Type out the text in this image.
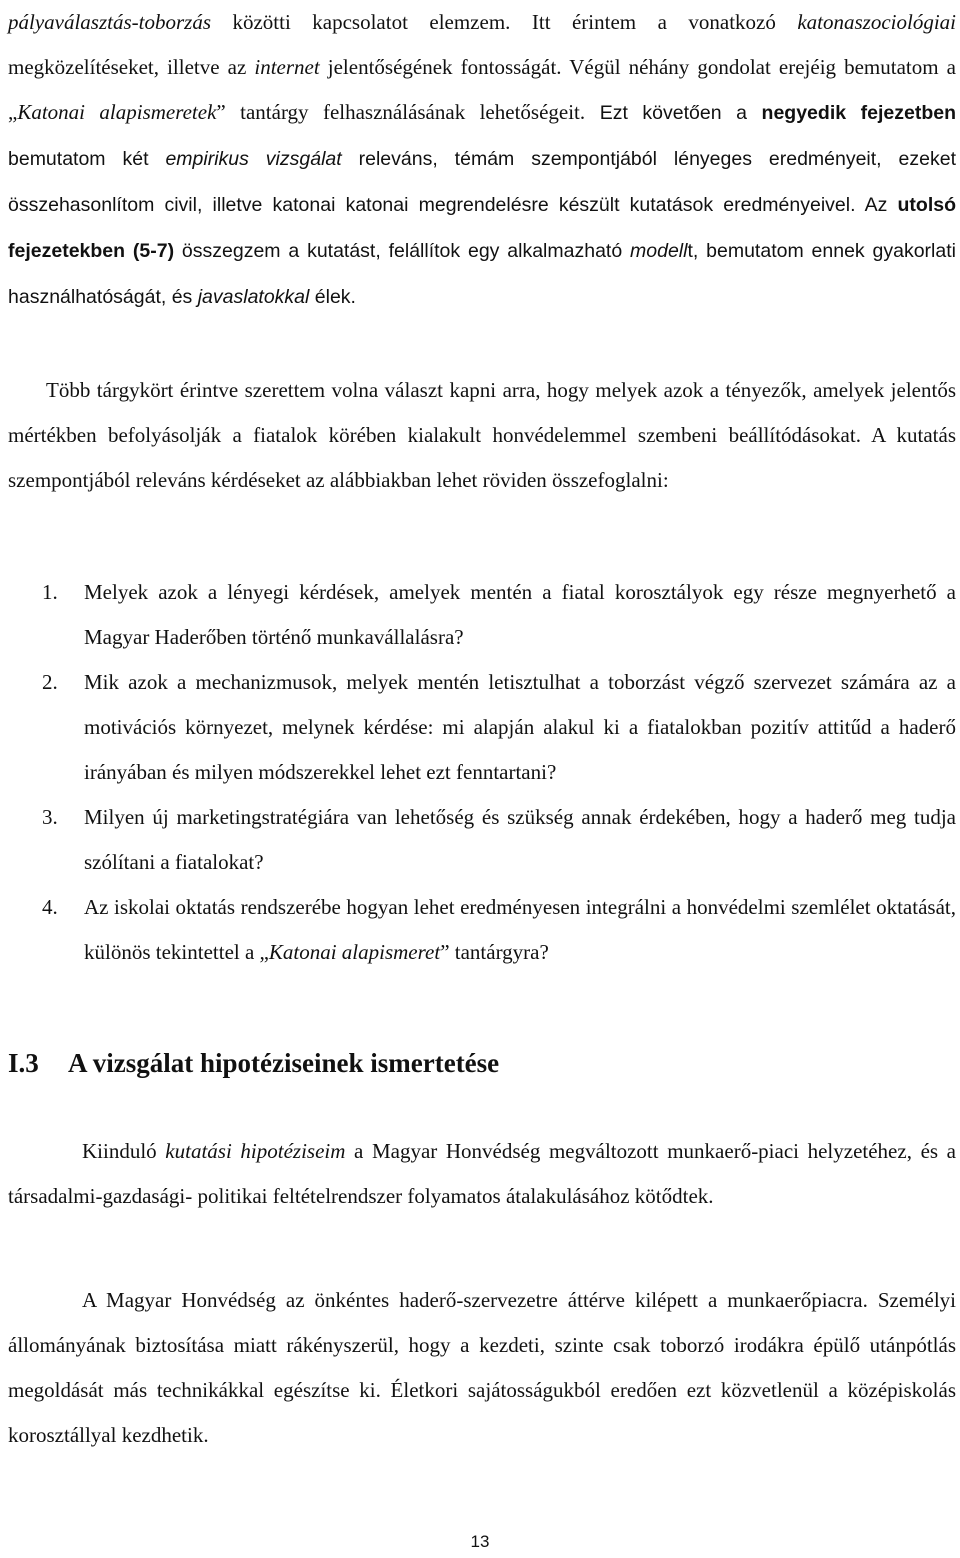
pályaválasztás-toborzás közötti kapcsolatot elemzem. Itt érintem a vonatkozó katonaszociológiai megközelítéseket, illetve az internet jelentőségének fontosságát. Végül néhány gondolat erejéig bemutatom a „Katonai alapismeretek” tantárgy felhasználásának lehetőségeit. Ezt követően a negyedik fejezetben bemutatom két empirikus vizsgálat releváns, témám szempontjából lényeges eredményeit, ezeket összehasonlítom civil, illetve katonai katonai megrendelésre készült kutatások eredményeivel. Az utolsó fejezetekben (5-7) összegzem a kutatást, felállítok egy alkalmazható modellt, bemutatom ennek gyakorlati használhatóságát, és javaslatokkal élek.

Több tárgykört érintve szerettem volna választ kapni arra, hogy melyek azok a tényezők, amelyek jelentős mértékben befolyásolják a fiatalok körében kialakult honvédelemmel szembeni beállítódásokat. A kutatás szempontjából releváns kérdéseket az alábbiakban lehet röviden összefoglalni:

1. Melyek azok a lényegi kérdések, amelyek mentén a fiatal korosztályok egy része megnyerhető a Magyar Haderőben történő munkavállalásra?
2. Mik azok a mechanizmusok, melyek mentén letisztulhat a toborzást végző szervezet számára az a motivációs környezet, melynek kérdése: mi alapján alakul ki a fiatalokban pozitív attitűd a haderő irányában és milyen módszerekkel lehet ezt fenntartani?
3. Milyen új marketingstratégiára van lehetőség és szükség annak érdekében, hogy a haderő meg tudja szólítani a fiatalokat?
4. Az iskolai oktatás rendszerébe hogyan lehet eredményesen integrálni a honvédelmi szemlélet oktatását, különös tekintettel a „Katonai alapismeret” tantárgyra?
I.3 A vizsgálat hipotéziseinek ismertetése

Kiinduló kutatási hipotéziseim a Magyar Honvédség megváltozott munkaerő-piaci helyzetéhez, és a társadalmi-gazdasági- politikai feltételrendszer folyamatos átalakulásához kötődtek.

A Magyar Honvédség az önkéntes haderő-szervezetre áttérve kilépett a munkaerőpiacra. Személyi állományának biztosítása miatt rákényszerül, hogy a kezdeti, szinte csak toborzó irodákra épülő utánpótlás megoldását más technikákkal egészítse ki. Életkori sajátosságukból eredően ezt közvetlenül a középiskolás korosztállyal kezdhetik.

13
